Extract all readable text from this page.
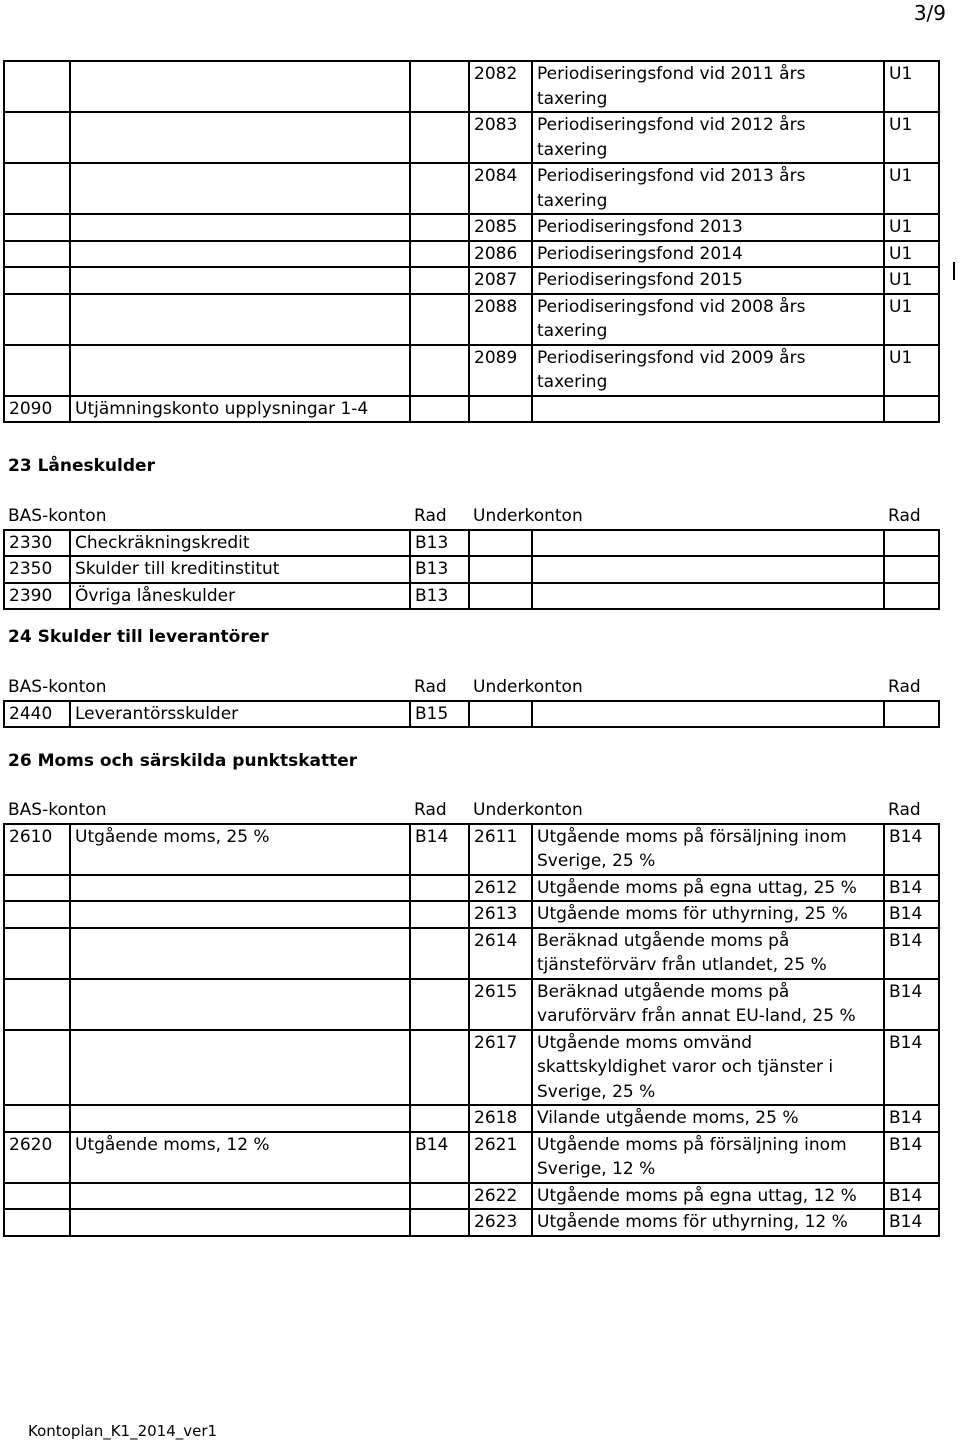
3/9
			2082	Periodiseringsfond vid 2011 års taxering	U1
			2083	Periodiseringsfond vid 2012 års taxering	U1
			2084	Periodiseringsfond vid 2013 års taxering	U1
			2085	Periodiseringsfond 2013	U1
			2086	Periodiseringsfond 2014	U1
			2087	Periodiseringsfond 2015	U1
			2088	Periodiseringsfond vid 2008 års taxering	U1
			2089	Periodiseringsfond vid 2009 års taxering	U1
2090	Utjämningskonto upplysningar 1-4				
23 Låneskulder
BAS-konton		Rad	Underkonton		Rad
2330	Checkräkningskredit	B13			
2350	Skulder till kreditinstitut	B13			
2390	Övriga låneskulder	B13			
24 Skulder till leverantörer
BAS-konton		Rad	Underkonton		Rad
2440	Leverantörsskulder	B15			
26 Moms och särskilda punktskatter
BAS-konton		Rad	Underkonton		Rad
2610	Utgående moms, 25 %	B14	2611	Utgående moms på försäljning inom Sverige, 25 %	B14
			2612	Utgående moms på egna uttag, 25 %	B14
			2613	Utgående moms för uthyrning, 25 %	B14
			2614	Beräknad utgående moms på tjänsteförvärv från utlandet, 25 %	B14
			2615	Beräknad utgående moms på varuförvärv från annat EU-land, 25 %	B14
			2617	Utgående moms omvänd skattskyldighet varor och tjänster i Sverige, 25 %	B14
			2618	Vilande utgående moms, 25 %	B14
2620	Utgående moms, 12 %	B14	2621	Utgående moms på försäljning inom Sverige, 12 %	B14
			2622	Utgående moms på egna uttag, 12 %	B14
			2623	Utgående moms för uthyrning, 12 %	B14
Kontoplan_K1_2014_ver1
